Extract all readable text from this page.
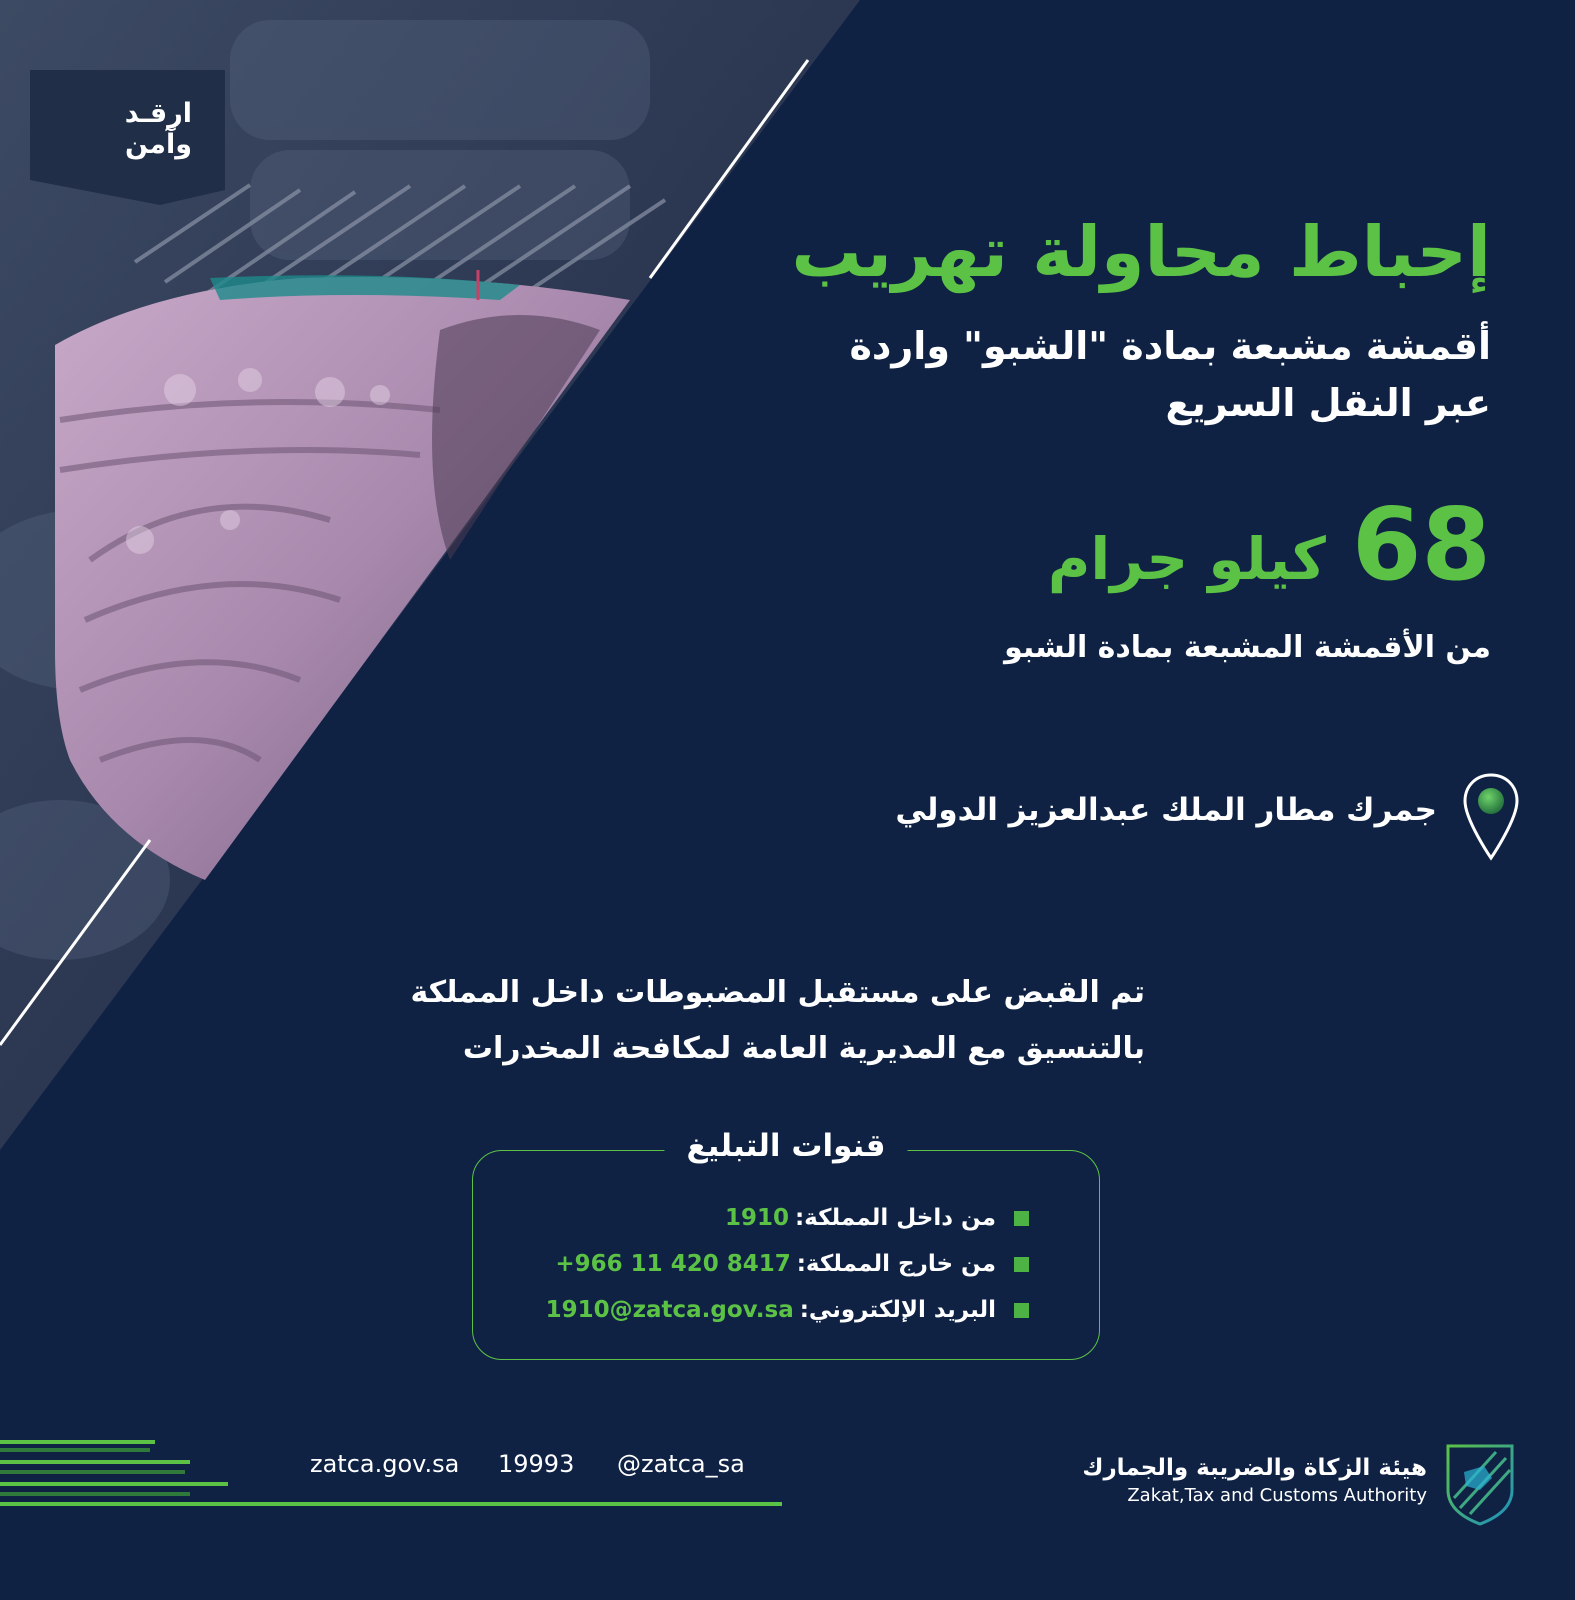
ارقـد
وآمن
إحباط محاولة تهريب
أقمشة مشبعة بمادة "الشبو" واردة
عبر النقل السريع
68كيلو جرام
من الأقمشة المشبعة بمادة الشبو
جمرك مطار الملك عبدالعزيز الدولي
تم القبض على مستقبل المضبوطات داخل المملكة
بالتنسيق مع المديرية العامة لمكافحة المخدرات
قنوات التبليغ
من داخل المملكة:
1910
من خارج المملكة:
+966 11 420 8417
البريد الإلكتروني:
1910@zatca.gov.sa
zatca.gov.sa 19993 @zatca_sa	هيئة الزكاة والضريبة والجمارك
Zakat,Tax and Customs Authority
